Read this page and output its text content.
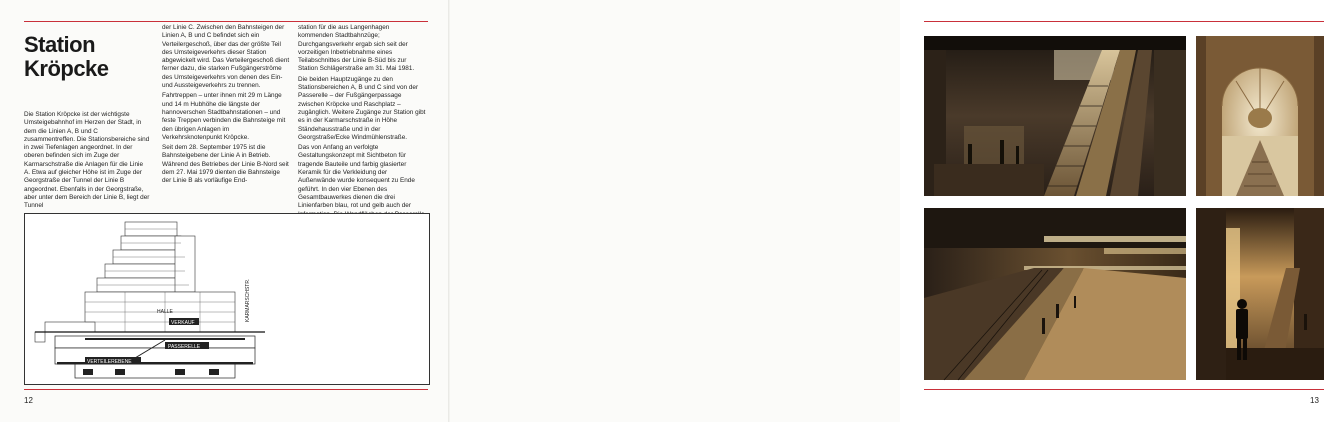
Station
Kröpcke

Die Station Kröpcke ist der wichtigste Umsteigebahnhof im Herzen der Stadt, in dem die Linien A, B und C zusammentreffen. Die Stationsbereiche sind in zwei Tiefenlagen angeordnet. In der oberen befinden sich im Zuge der Karmarschstraße die Anlagen für die Linie A. Etwa auf gleicher Höhe ist im Zuge der Georgstraße der Tunnel der Linie B angeordnet. Ebenfalls in der Georgstraße, aber unter dem Bereich der Linie B, liegt der Tunnel

der Linie C. Zwischen den Bahnsteigen der Linien A, B und C befindet sich ein Verteilergeschoß, über das der größte Teil des Umsteigeverkehrs dieser Station abgewickelt wird. Das Verteilergeschoß dient ferner dazu, die starken Fußgängerströme des Umsteigeverkehrs von denen des Ein- und Aussteigeverkehrs zu trennen.

Fahrtreppen – unter ihnen mit 29 m Länge und 14 m Hubhöhe die längste der hannoverschen Stadtbahnstationen – und feste Treppen verbinden die Bahnsteige mit den übrigen Anlagen im Verkehrsknotenpunkt Kröpcke.

Seit dem 28. September 1975 ist die Bahnsteigebene der Linie A in Betrieb. Während des Betriebes der Linie B-Nord seit dem 27. Mai 1979 dienten die Bahnsteige der Linie B als vorläufige End-

station für die aus Langenhagen kommenden Stadtbahnzüge; Durchgangsverkehr ergab sich seit der vorzeitigen Inbetriebnahme eines Teilabschnittes der Linie B-Süd bis zur Station Schlägerstraße am 31. Mai 1981.

Die beiden Hauptzugänge zu den Stationsbereichen A, B und C sind von der Passerelle – der Fußgängerpassage zwischen Kröpcke und Raschplatz – zugänglich. Weitere Zugänge zur Station gibt es in der Karmarschstraße in Höhe Ständehausstraße und in der Georgstraße/Ecke Windmühlenstraße.

Das von Anfang an verfolgte Gestaltungskonzept mit Sichtbeton für tragende Bauteile und farbig glasierter Keramik für die Verkleidung der Außenwände wurde konsequent zu Ende geführt. In den vier Ebenen des Gesamtbauwerkes dienen die drei Linienfarben blau, rot und gelb auch der

VERKAUF
HALLE
PASSERELLE
VERTEILEREBENE
KARMARSCHSTR.
12	13
